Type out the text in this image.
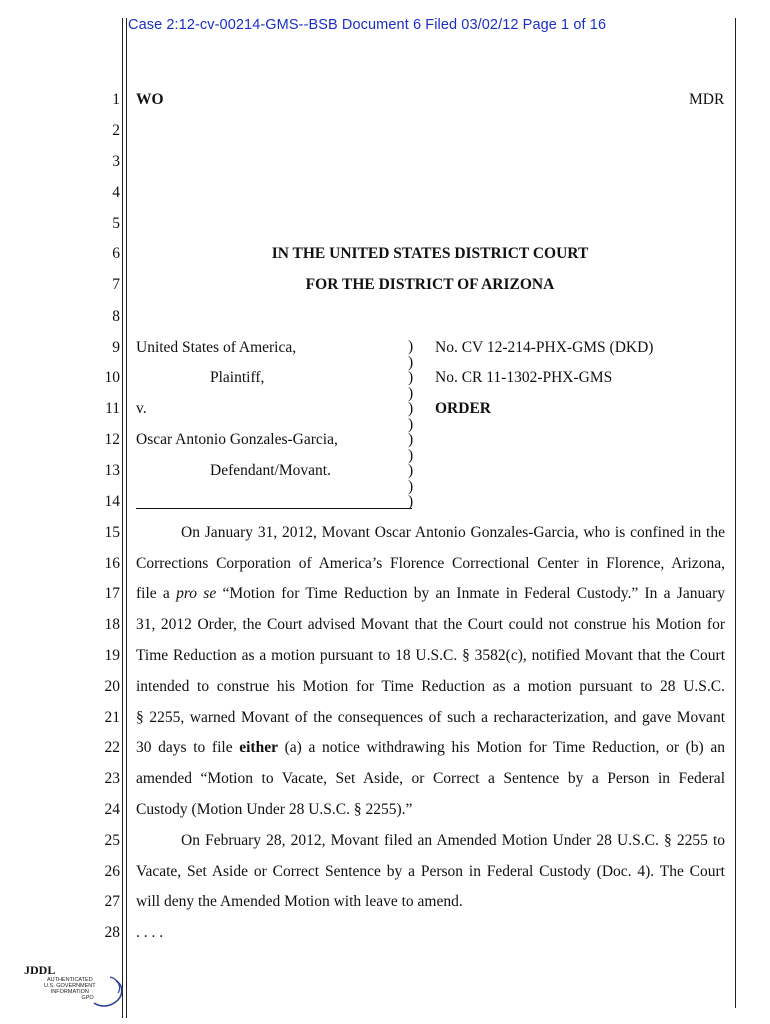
Case 2:12-cv-00214-GMS--BSB Document 6 Filed 03/02/12 Page 1 of 16
1
2
3
4
5
6
7
8
9
10
11
12
13
14
15
16
17
18
19
20
21
22
23
24
25
26
27
28
WO	MDR
IN THE UNITED STATES DISTRICT COURT
FOR THE DISTRICT OF ARIZONA
United States of America,
Plaintiff,
v.
Oscar Antonio Gonzales-Garcia,
Defendant/Movant.
)
)
)
)
)
)
)
)
)
)
)
No. CV 12-214-PHX-GMS (DKD)
No. CR 11-1302-PHX-GMS
ORDER
On January 31, 2012, Movant Oscar Antonio Gonzales-Garcia, who is confined in the
Corrections Corporation of America’s Florence Correctional Center in Florence, Arizona,
file a pro se “Motion for Time Reduction by an Inmate in Federal Custody.” In a January
31, 2012 Order, the Court advised Movant that the Court could not construe his Motion for
Time Reduction as a motion pursuant to 18 U.S.C. § 3582(c), notified Movant that the Court
intended to construe his Motion for Time Reduction as a motion pursuant to 28 U.S.C.
§ 2255, warned Movant of the consequences of such a recharacterization, and gave Movant
30 days to file either (a) a notice withdrawing his Motion for Time Reduction, or (b) an
amended “Motion to Vacate, Set Aside, or Correct a Sentence by a Person in Federal
Custody (Motion Under 28 U.S.C. § 2255).”
On February 28, 2012, Movant filed an Amended Motion Under 28 U.S.C. § 2255 to
Vacate, Set Aside or Correct Sentence by a Person in Federal Custody (Doc. 4). The Court
will deny the Amended Motion with leave to amend.
. . . .
JDDL
AUTHENTICATED
U.S. GOVERNMENT
INFORMATION
GPO
